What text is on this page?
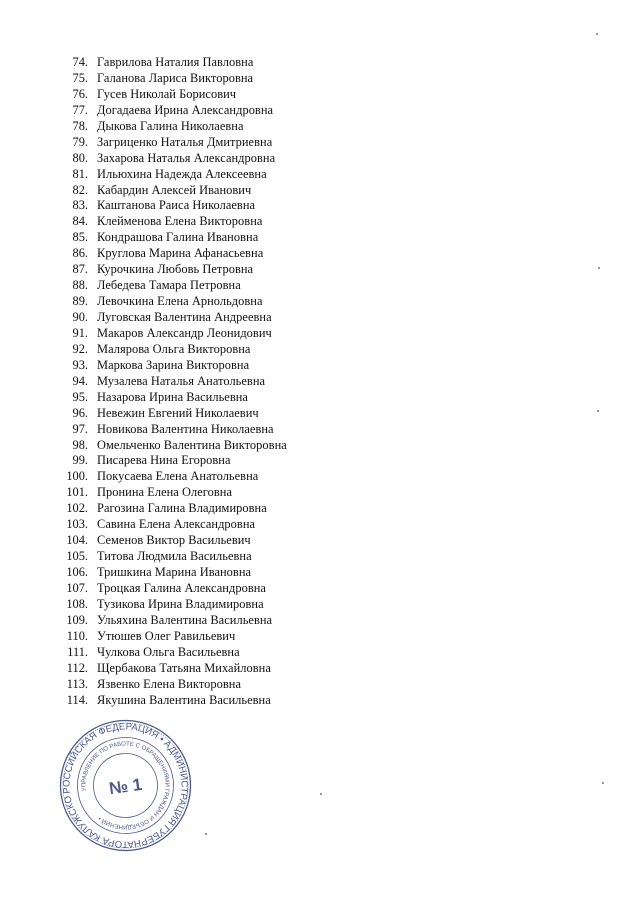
74. Гаврилова Наталия Павловна
75. Галанова Лариса Викторовна
76. Гусев Николай Борисович
77. Догадаева Ирина Александровна
78. Дыкова Галина Николаевна
79. Загриценко Наталья Дмитриевна
80. Захарова Наталья Александровна
81. Ильюхина Надежда Алексеевна
82. Кабардин Алексей Иванович
83. Каштанова Раиса Николаевна
84. Клейменова Елена Викторовна
85. Кондрашова Галина Ивановна
86. Круглова Марина Афанасьевна
87. Курочкина Любовь Петровна
88. Лебедева Тамара Петровна
89. Левочкина Елена Арнольдовна
90. Луговская Валентина Андреевна
91. Макаров Александр Леонидович
92. Малярова Ольга Викторовна
93. Маркова Зарина Викторовна
94. Музалева Наталья Анатольевна
95. Назарова Ирина Васильевна
96. Невежин Евгений Николаевич
97. Новикова Валентина Николаевна
98. Омельченко Валентина Викторовна
99. Писарева Нина Егоровна
100. Покусаева Елена Анатольевна
101. Пронина Елена Олеговна
102. Рагозина Галина Владимировна
103. Савина Елена Александровна
104. Семенов Виктор Васильевич
105. Титова Людмила Васильевна
106. Тришкина Марина Ивановна
107. Троцкая Галина Александровна
108. Тузикова Ирина Владимировна
109. Ульяхина Валентина Васильевна
110. Утюшев Олег Равильевич
111. Чулкова Ольга Васильевна
112. Щербакова Татьяна Михайловна
113. Язвенко Елена Викторовна
114. Якушина Валентина Васильевна
РОССИЙСКАЯ ФЕДЕРАЦИЯ • АДМИНИСТРАЦИЯ ГУБЕРНАТОРА КАЛУЖСКОЙ
УПРАВЛЕНИЕ ПО РАБОТЕ С ОБРАЩЕНИЯМИ ГРАЖДАН И ОБЪЕДИНЕНИЙ •
№ 1
